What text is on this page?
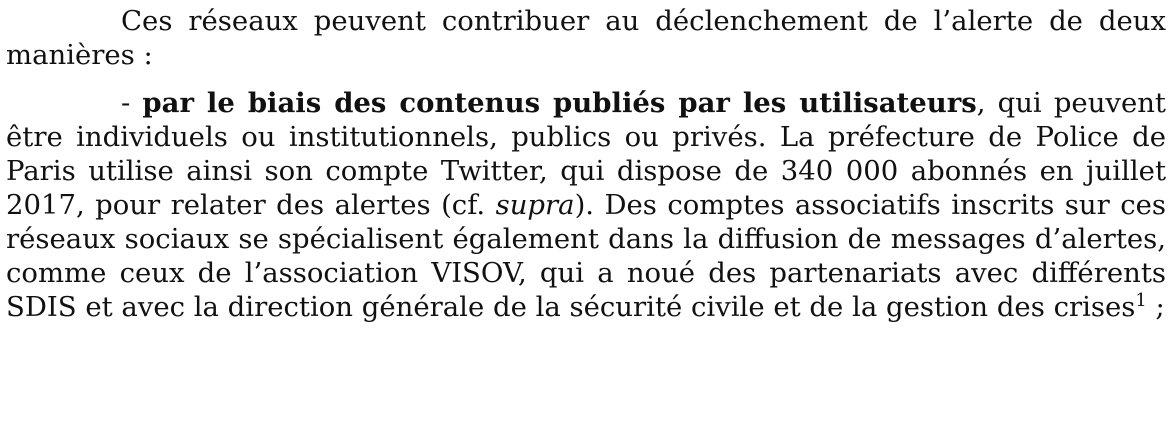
Ces réseaux peuvent contribuer au déclenchement de l’alerte de deux manières :

- par le biais des contenus publiés par les utilisateurs, qui peuvent être individuels ou institutionnels, publics ou privés. La préfecture de Police de Paris utilise ainsi son compte Twitter, qui dispose de 340 000 abonnés en juillet 2017, pour relater des alertes (cf. supra). Des comptes associatifs inscrits sur ces réseaux sociaux se spécialisent également dans la diffusion de messages d’alertes, comme ceux de l’association VISOV, qui a noué des partenariats avec différents SDIS et avec la direction générale de la sécurité civile et de la gestion des crises$^1$ ;
